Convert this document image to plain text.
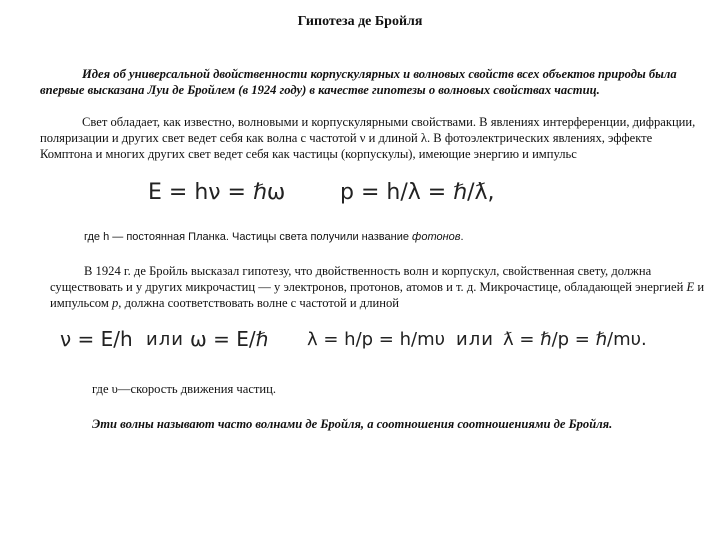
Гипотеза де Бройля

Идея об универсальной двойственности корпускулярных и волновых свойств всех объектов природы была впервые высказана Луи де Бройлем (в 1924 году) в качестве гипотезы о волновых свойствах частиц.

Свет обладает, как известно, волновыми и корпускулярными свойствами. В явлениях интерференции, дифракции, поляризации и других свет ведет себя как волна с частотой ν и длиной λ. В фотоэлектрических явлениях, эффекте Комптона и многих других свет ведет себя как частицы (корпускулы), имеющие энергию и импульс

E = hν = ℏω p = h/λ = ℏ/ƛ,
где h — постоянная Планка. Частицы света получили название фотонов.

В 1924 г. де Бройль высказал гипотезу, что двойственность волн и корпускул, свойственная свету, должна существовать и у других микрочастиц — у электронов, протонов, атомов и т. д. Микрочастице, обладающей энергией E и импульсом p, должна соответствовать волне с частотой и длиной

ν = E/h или ω = E/ℏ λ = h/p = h/mυ или ƛ = ℏ/p = ℏ/mυ.
где υ—скорость движения частиц.
Эти волны называют часто волнами де Бройля, а соотношения соотношениями де Бройля.
